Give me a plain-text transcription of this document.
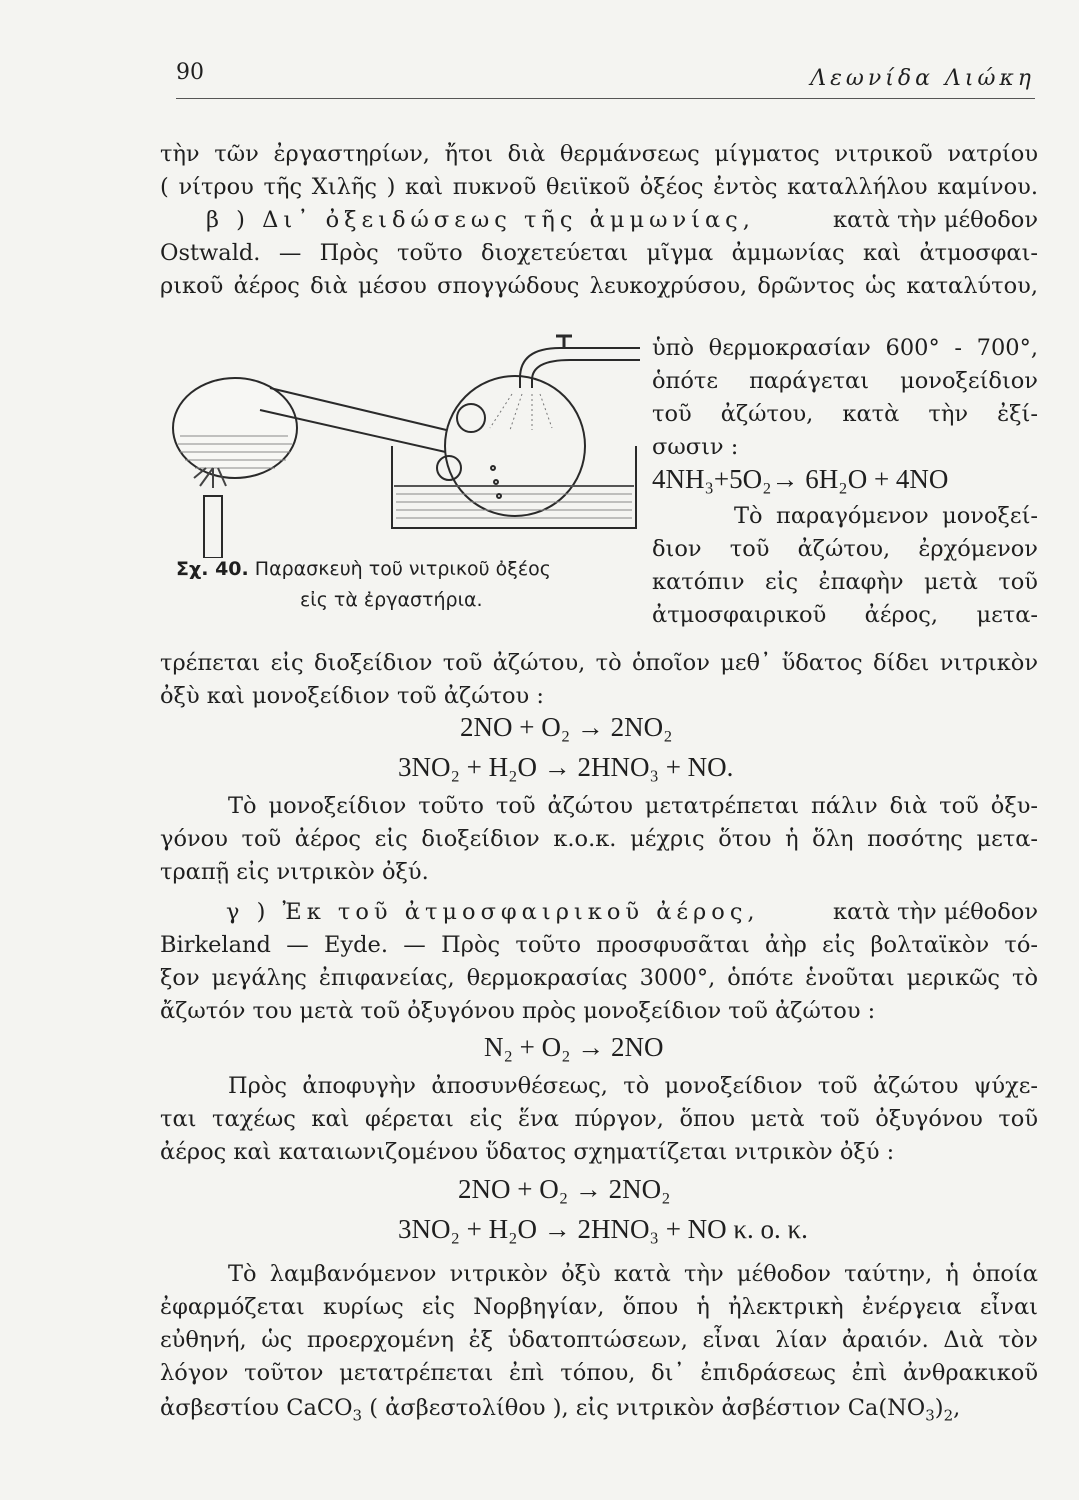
90	Λεωνίδα Λιώκη
τὴν τῶν ἐργαστηρίων, ἤτοι διὰ θερμάνσεως μίγματος νιτρικοῦ νατρίου
( νίτρου τῆς Χιλῆς ) καὶ πυκνοῦ θειϊκοῦ ὀξέος ἐντὸς καταλλήλου καμίνου.
β ) Δι᾽ ὀξειδώσεως τῆς ἀμμωνίας,	κατὰ τὴν μέθοδον
Ostwald. — Πρὸς τοῦτο διοχετεύεται μῖγμα ἀμμωνίας καὶ ἀτμοσφαι-
ρικοῦ ἀέρος διὰ μέσου σπογγώδους λευκοχρύσου, δρῶντος ὡς καταλύτου,
Σχ. 40. Παρασκευὴ τοῦ νιτρικοῦ ὀξέος
εἰς τὰ ἐργαστήρια.
ὑπὸ θερμοκρασίαν 600° - 700°,
ὁπότε παράγεται μονοξείδιον
τοῦ ἀζώτου, κατὰ τὴν ἐξί-
σωσιν :
4NH₃+5O₂→ 6H₂O + 4NO
Τὸ παραγόμενον μονοξεί-
διον τοῦ ἀζώτου, ἐρχόμενον
κατόπιν εἰς ἐπαφὴν μετὰ τοῦ
ἀτμοσφαιρικοῦ ἀέρος, μετα-
τρέπεται εἰς διοξείδιον τοῦ ἀζώτου, τὸ ὁποῖον μεθ᾽ ὕδατος δίδει νιτρικὸν
ὀξὺ καὶ μονοξείδιον τοῦ ἀζώτου :
2NO + O₂ → 2NO₂
3NO₂ + H₂O → 2HNO₃ + NO.
Τὸ μονοξείδιον τοῦτο τοῦ ἀζώτου μετατρέπεται πάλιν διὰ τοῦ ὀξυ-
γόνου τοῦ ἀέρος εἰς διοξείδιον κ.ο.κ. μέχρις ὅτου ἡ ὅλη ποσότης μετα-
τραπῇ εἰς νιτρικὸν ὀξύ.
γ ) Ἐκ τοῦ ἀτμοσφαιρικοῦ ἀέρος,	κατὰ τὴν μέθοδον
Birkeland — Eyde. — Πρὸς τοῦτο προσφυσᾶται ἀὴρ εἰς βολταϊκὸν τό-
ξον μεγάλης ἐπιφανείας, θερμοκρασίας 3000°, ὁπότε ἑνοῦται μερικῶς τὸ
ἄζωτόν του μετὰ τοῦ ὀξυγόνου πρὸς μονοξείδιον τοῦ ἀζώτου :
N₂ + O₂ → 2NO
Πρὸς ἀποφυγὴν ἀποσυνθέσεως, τὸ μονοξείδιον τοῦ ἀζώτου ψύχε-
ται ταχέως καὶ φέρεται εἰς ἕνα πύργον, ὅπου μετὰ τοῦ ὀξυγόνου τοῦ
ἀέρος καὶ καταιωνιζομένου ὕδατος σχηματίζεται νιτρικὸν ὀξύ :
2NO + O₂ → 2NO₂
3NO₂ + H₂O → 2HNO₃ + NO κ. ο. κ.
Τὸ λαμβανόμενον νιτρικὸν ὀξὺ κατὰ τὴν μέθοδον ταύτην, ἡ ὁποία
ἐφαρμόζεται κυρίως εἰς Νορβηγίαν, ὅπου ἡ ἠλεκτρικὴ ἐνέργεια εἶναι
εὐθηνή, ὡς προερχομένη ἐξ ὑδατοπτώσεων, εἶναι λίαν ἀραιόν. Διὰ τὸν
λόγον τοῦτον μετατρέπεται ἐπὶ τόπου, δι᾽ ἐπιδράσεως ἐπὶ ἀνθρακικοῦ
ἀσβεστίου CaCO$_3$ ( ἀσβεστολίθου ), εἰς νιτρικὸν ἀσβέστιον $Ca(NO_3)_2$,
